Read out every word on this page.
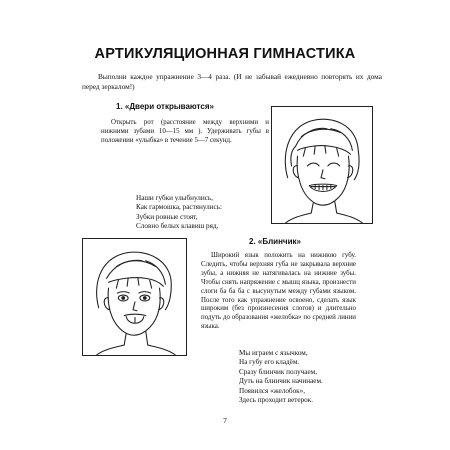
АРТИКУЛЯЦИОННАЯ ГИМНАСТИКА
Выполни каждое упражнение 3—4 раза. (И не забывай ежедневно повторять их дома перед зеркалом!)
1. «Двери открываются»
Открыть рот (расстояние между верхними и нижними зубами 10—15 мм ). Удерживать губы в положении «улыбка» в течение 5—7 секунд.
Наши губки улыбнулись,
Как гармошка, растянулись:
Зубки ровные стоят,
Словно белых клавиш ряд.
2. «Блинчик»
Широкий язык положить на нижнюю губу. Следить, чтобы верхняя губа не закрывала верхние зубы, а нижняя не натягивалась на нижние зубы. Чтобы снять напряжение с мышц языка, произнести слоги ба ба ба с высунутым между губами языком. После того как упражнение освоено, сделать язык широким (без произнесения слогов) и длительно подуть до образования «желобка» по средней линии языка.
Мы играем с язычком,
На губу его кладём.
Сразу блинчик получаем,
Дуть на блинчик начинаем.
Появился «желобок»,
Здесь проходит ветерок.
7
